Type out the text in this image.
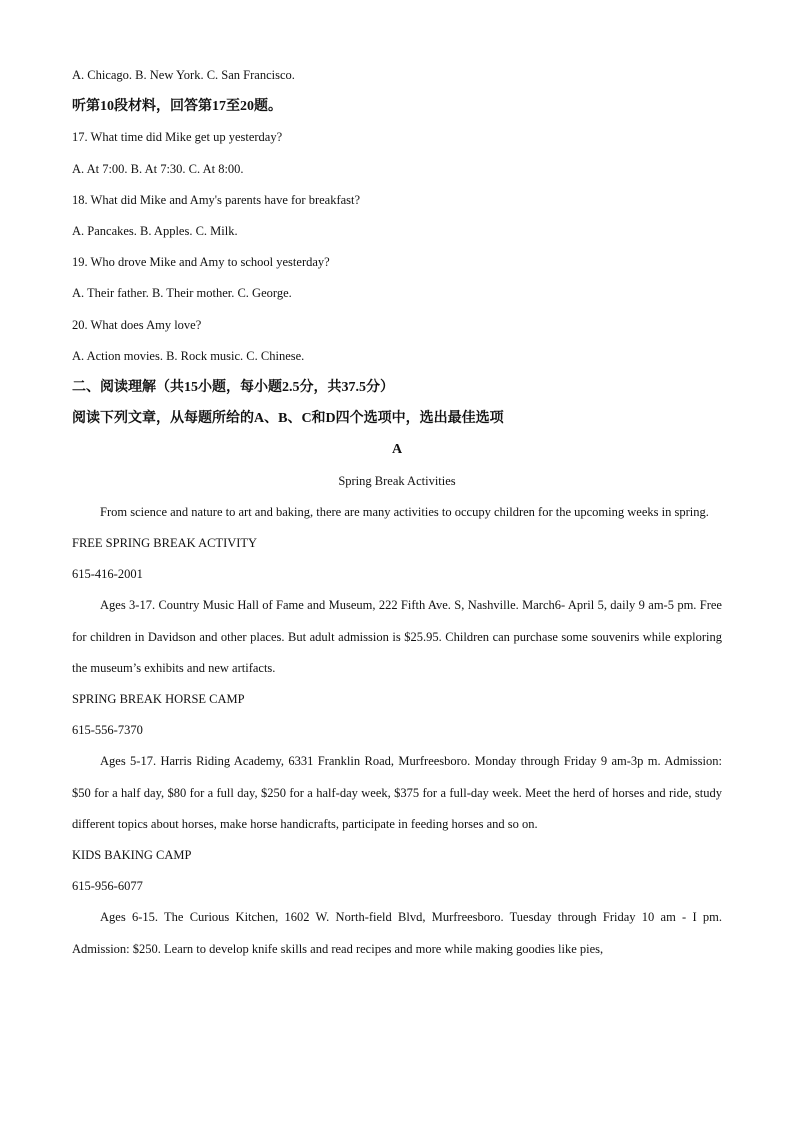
A. Chicago. B. New York. C. San Francisco.
听第10段材料，回答第17至20题。
17. What time did Mike get up yesterday?
A. At 7:00. B. At 7:30. C. At 8:00.
18. What did Mike and Amy's parents have for breakfast?
A. Pancakes. B. Apples. C. Milk.
19. Who drove Mike and Amy to school yesterday?
A. Their father. B. Their mother. C. George.
20. What does Amy love?
A. Action movies. B. Rock music. C. Chinese.
二、阅读理解（共15小题，每小题2.5分，共37.5分）
阅读下列文章，从每题所给的A、B、C和D四个选项中，选出最佳选项
A
Spring Break Activities
From science and nature to art and baking, there are many activities to occupy children for the upcoming weeks in spring.
FREE SPRING BREAK ACTIVITY
615-416-2001
Ages 3-17. Country Music Hall of Fame and Museum, 222 Fifth Ave. S, Nashville. March6- April 5, daily 9 am-5 pm. Free for children in Davidson and other places. But adult admission is $25.95. Children can purchase some souvenirs while exploring the museum’s exhibits and new artifacts.
SPRING BREAK HORSE CAMP
615-556-7370
Ages 5-17. Harris Riding Academy, 6331 Franklin Road, Murfreesboro. Monday through Friday 9 am-3p m. Admission: $50 for a half day, $80 for a full day, $250 for a half-day week, $375 for a full-day week. Meet the herd of horses and ride, study different topics about horses, make horse handicrafts, participate in feeding horses and so on.
KIDS BAKING CAMP
615-956-6077
Ages 6-15. The Curious Kitchen, 1602 W. North-field Blvd, Murfreesboro. Tuesday through Friday 10 am - I pm. Admission: $250. Learn to develop knife skills and read recipes and more while making goodies like pies,
